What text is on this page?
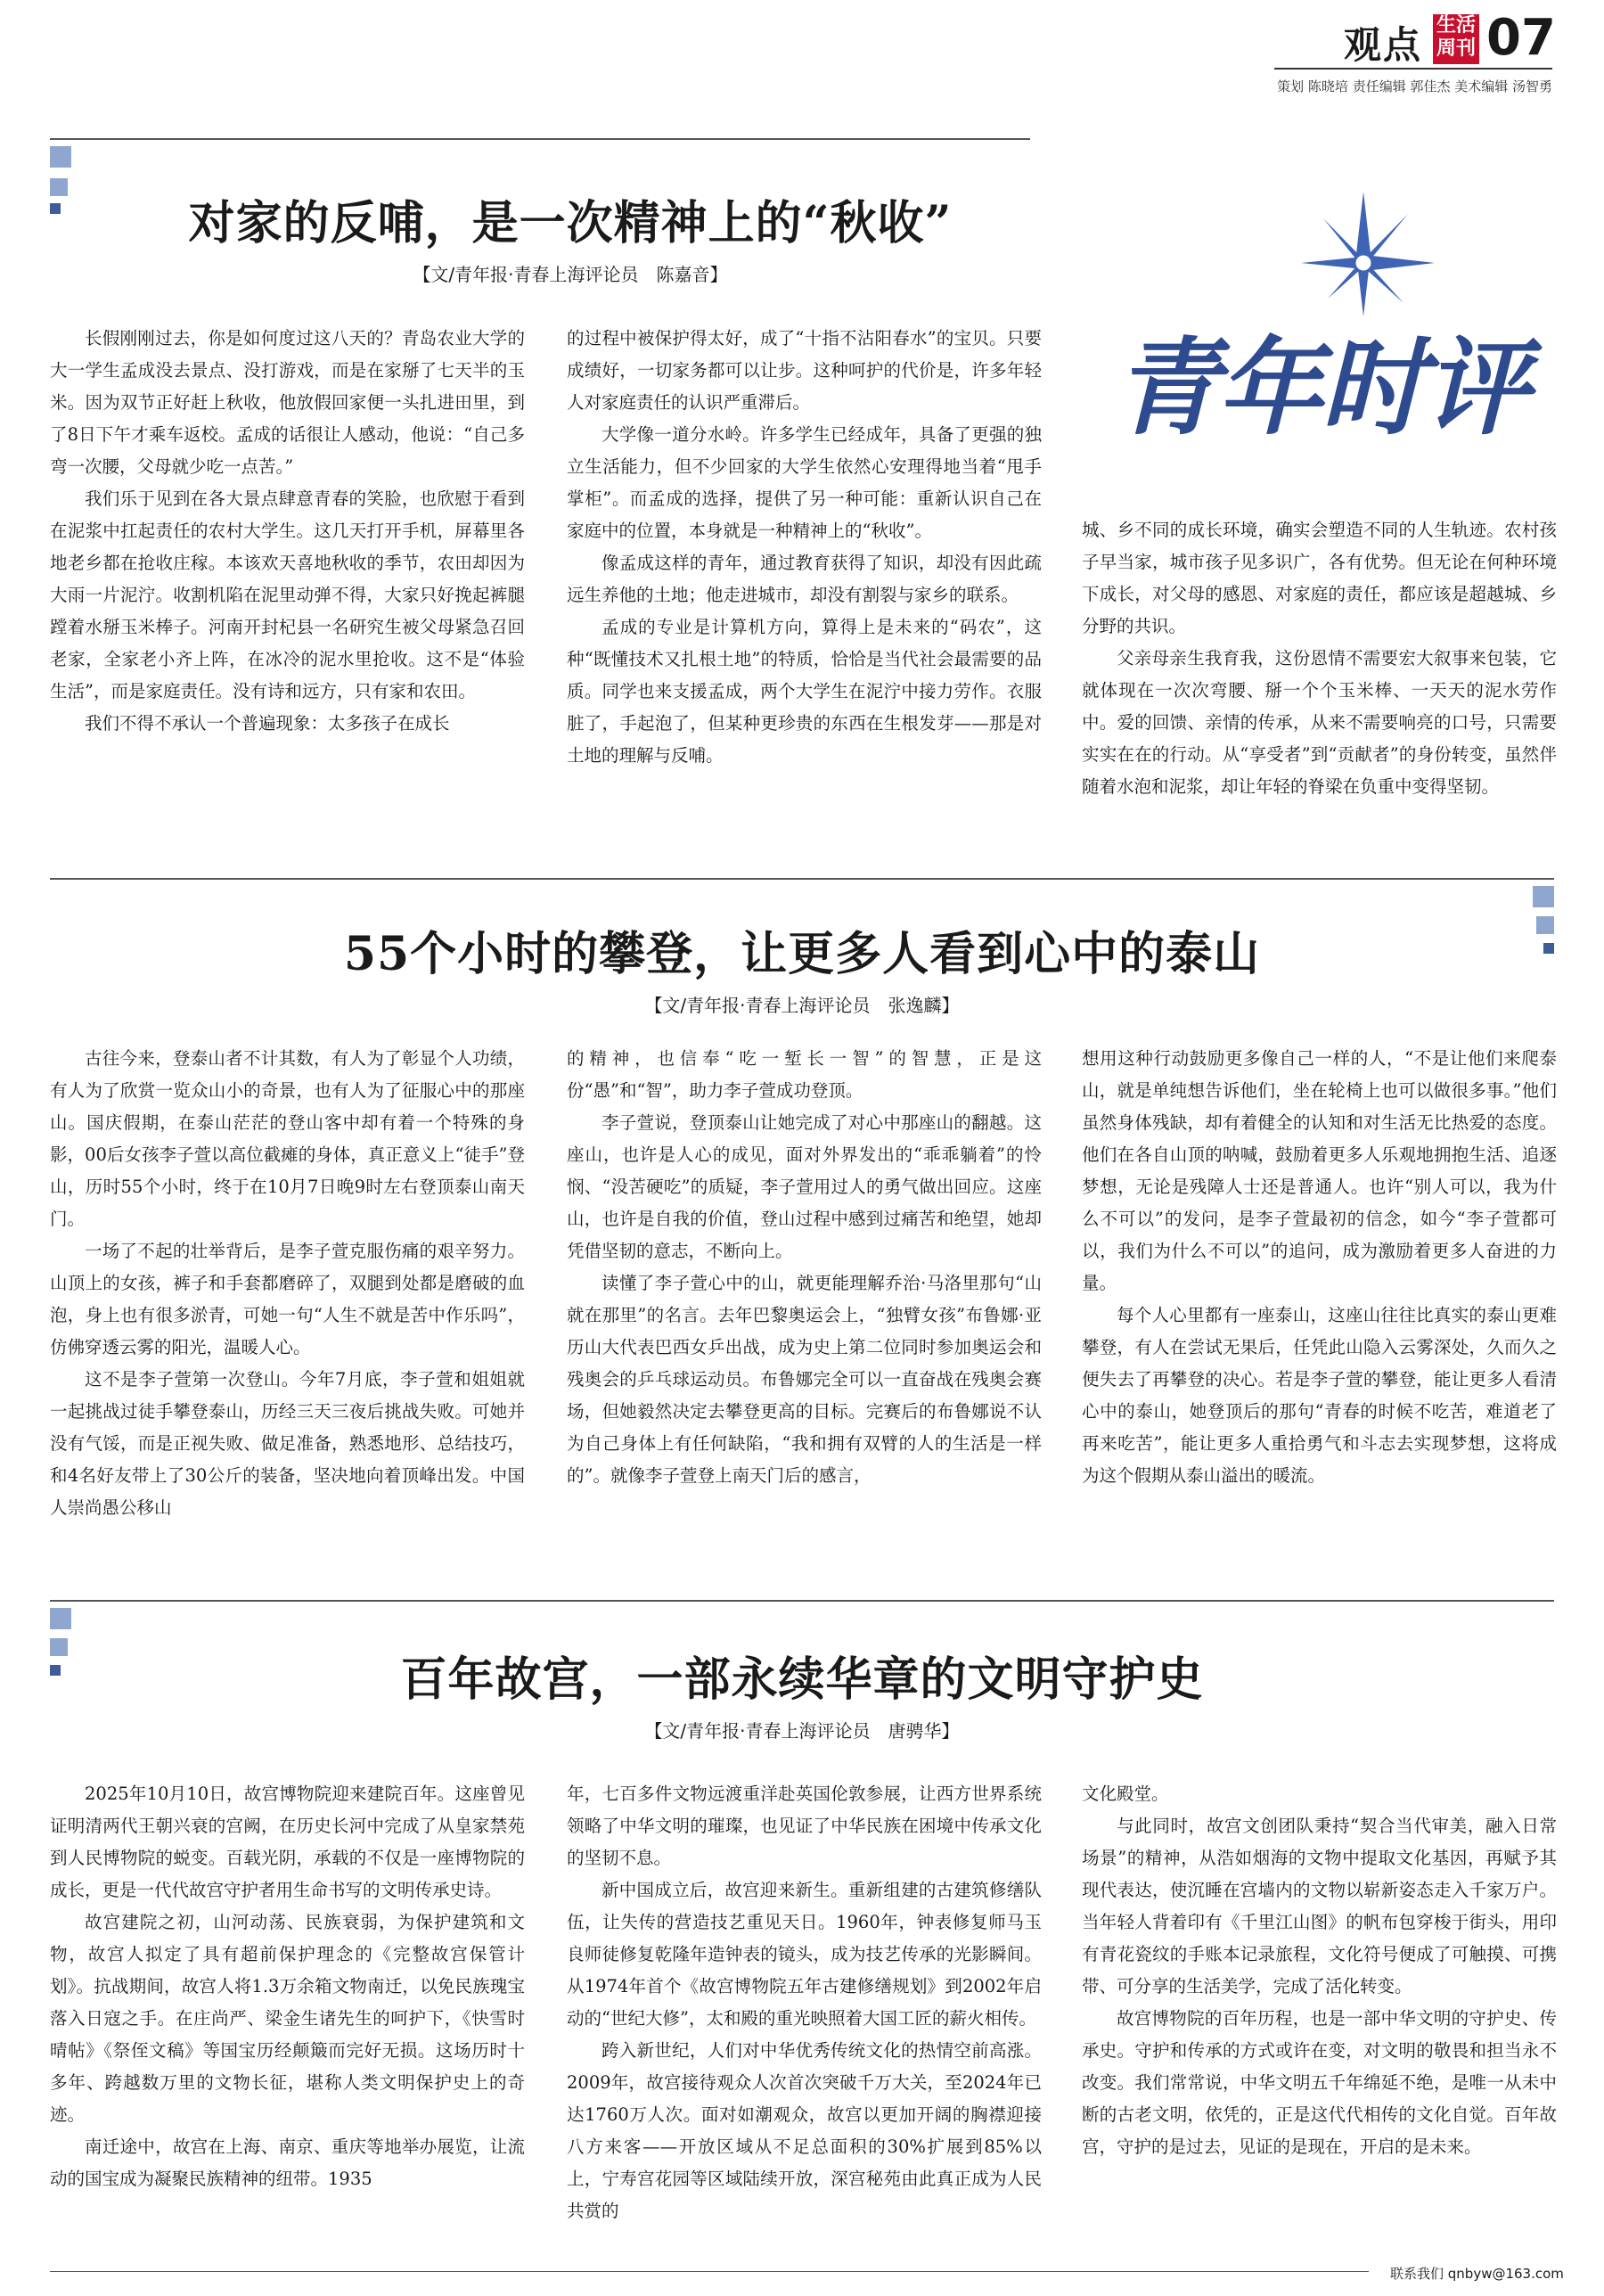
观点 生活
周刊 07
策划 陈晓培 责任编辑 郭佳杰 美术编辑 汤智勇
青年时评
对家的反哺，是一次精神上的“秋收”
【文/青年报·青春上海评论员　陈嘉音】

长假刚刚过去，你是如何度过这八天的？青岛农业大学的大一学生孟成没去景点、没打游戏，而是在家掰了七天半的玉米。因为双节正好赶上秋收，他放假回家便一头扎进田里，到了8日下午才乘车返校。孟成的话很让人感动，他说：“自己多弯一次腰，父母就少吃一点苦。”

我们乐于见到在各大景点肆意青春的笑脸，也欣慰于看到在泥浆中扛起责任的农村大学生。这几天打开手机，屏幕里各地老乡都在抢收庄稼。本该欢天喜地秋收的季节，农田却因为大雨一片泥泞。收割机陷在泥里动弹不得，大家只好挽起裤腿蹚着水掰玉米棒子。河南开封杞县一名研究生被父母紧急召回老家，全家老小齐上阵，在冰冷的泥水里抢收。这不是“体验生活”，而是家庭责任。没有诗和远方，只有家和农田。

我们不得不承认一个普遍现象：太多孩子在成长

的过程中被保护得太好，成了“十指不沾阳春水”的宝贝。只要成绩好，一切家务都可以让步。这种呵护的代价是，许多年轻人对家庭责任的认识严重滞后。

大学像一道分水岭。许多学生已经成年，具备了更强的独立生活能力，但不少回家的大学生依然心安理得地当着“甩手掌柜”。而孟成的选择，提供了另一种可能：重新认识自己在家庭中的位置，本身就是一种精神上的“秋收”。

像孟成这样的青年，通过教育获得了知识，却没有因此疏远生养他的土地；他走进城市，却没有割裂与家乡的联系。

孟成的专业是计算机方向，算得上是未来的“码农”，这种“既懂技术又扎根土地”的特质，恰恰是当代社会最需要的品质。同学也来支援孟成，两个大学生在泥泞中接力劳作。衣服脏了，手起泡了，但某种更珍贵的东西在生根发芽——那是对土地的理解与反哺。

城、乡不同的成长环境，确实会塑造不同的人生轨迹。农村孩子早当家，城市孩子见多识广，各有优势。但无论在何种环境下成长，对父母的感恩、对家庭的责任，都应该是超越城、乡分野的共识。

父亲母亲生我育我，这份恩情不需要宏大叙事来包装，它就体现在一次次弯腰、掰一个个玉米棒、一天天的泥水劳作中。爱的回馈、亲情的传承，从来不需要响亮的口号，只需要实实在在的行动。从“享受者”到“贡献者”的身份转变，虽然伴随着水泡和泥浆，却让年轻的脊梁在负重中变得坚韧。

55个小时的攀登，让更多人看到心中的泰山
【文/青年报·青春上海评论员　张逸麟】

古往今来，登泰山者不计其数，有人为了彰显个人功绩，有人为了欣赏一览众山小的奇景，也有人为了征服心中的那座山。国庆假期，在泰山茫茫的登山客中却有着一个特殊的身影，00后女孩李子萱以高位截瘫的身体，真正意义上“徒手”登山，历时55个小时，终于在10月7日晚9时左右登顶泰山南天门。

一场了不起的壮举背后，是李子萱克服伤痛的艰辛努力。山顶上的女孩，裤子和手套都磨碎了，双腿到处都是磨破的血泡，身上也有很多淤青，可她一句“人生不就是苦中作乐吗”，仿佛穿透云雾的阳光，温暖人心。

这不是李子萱第一次登山。今年7月底，李子萱和姐姐就一起挑战过徒手攀登泰山，历经三天三夜后挑战失败。可她并没有气馁，而是正视失败、做足准备，熟悉地形、总结技巧，和4名好友带上了30公斤的装备，坚决地向着顶峰出发。中国人崇尚愚公移山

的精神，也信奉“吃一堑长一智”的智慧，正是这份“愚”和“智”，助力李子萱成功登顶。

李子萱说，登顶泰山让她完成了对心中那座山的翻越。这座山，也许是人心的成见，面对外界发出的“乖乖躺着”的怜悯、“没苦硬吃”的质疑，李子萱用过人的勇气做出回应。这座山，也许是自我的价值，登山过程中感到过痛苦和绝望，她却凭借坚韧的意志，不断向上。

读懂了李子萱心中的山，就更能理解乔治·马洛里那句“山就在那里”的名言。去年巴黎奥运会上，“独臂女孩”布鲁娜·亚历山大代表巴西女乒出战，成为史上第二位同时参加奥运会和残奥会的乒乓球运动员。布鲁娜完全可以一直奋战在残奥会赛场，但她毅然决定去攀登更高的目标。完赛后的布鲁娜说不认为自己身体上有任何缺陷，“我和拥有双臂的人的生活是一样的”。就像李子萱登上南天门后的感言，

想用这种行动鼓励更多像自己一样的人，“不是让他们来爬泰山，就是单纯想告诉他们，坐在轮椅上也可以做很多事。”他们虽然身体残缺，却有着健全的认知和对生活无比热爱的态度。他们在各自山顶的呐喊，鼓励着更多人乐观地拥抱生活、追逐梦想，无论是残障人士还是普通人。也许“别人可以，我为什么不可以”的发问，是李子萱最初的信念，如今“李子萱都可以，我们为什么不可以”的追问，成为激励着更多人奋进的力量。

每个人心里都有一座泰山，这座山往往比真实的泰山更难攀登，有人在尝试无果后，任凭此山隐入云雾深处，久而久之便失去了再攀登的决心。若是李子萱的攀登，能让更多人看清心中的泰山，她登顶后的那句“青春的时候不吃苦，难道老了再来吃苦”，能让更多人重拾勇气和斗志去实现梦想，这将成为这个假期从泰山溢出的暖流。

百年故宫，一部永续华章的文明守护史
【文/青年报·青春上海评论员　唐骋华】

2025年10月10日，故宫博物院迎来建院百年。这座曾见证明清两代王朝兴衰的宫阙，在历史长河中完成了从皇家禁苑到人民博物院的蜕变。百载光阴，承载的不仅是一座博物院的成长，更是一代代故宫守护者用生命书写的文明传承史诗。

故宫建院之初，山河动荡、民族衰弱，为保护建筑和文物，故宫人拟定了具有超前保护理念的《完整故宫保管计划》。抗战期间，故宫人将1.3万余箱文物南迁，以免民族瑰宝落入日寇之手。在庄尚严、梁金生诸先生的呵护下，《快雪时晴帖》《祭侄文稿》等国宝历经颠簸而完好无损。这场历时十多年、跨越数万里的文物长征，堪称人类文明保护史上的奇迹。

南迁途中，故宫在上海、南京、重庆等地举办展览，让流动的国宝成为凝聚民族精神的纽带。1935

年，七百多件文物远渡重洋赴英国伦敦参展，让西方世界系统领略了中华文明的璀璨，也见证了中华民族在困境中传承文化的坚韧不息。

新中国成立后，故宫迎来新生。重新组建的古建筑修缮队伍，让失传的营造技艺重见天日。1960年，钟表修复师马玉良师徒修复乾隆年造钟表的镜头，成为技艺传承的光影瞬间。从1974年首个《故宫博物院五年古建修缮规划》到2002年启动的“世纪大修”，太和殿的重光映照着大国工匠的薪火相传。

跨入新世纪，人们对中华优秀传统文化的热情空前高涨。2009年，故宫接待观众人次首次突破千万大关，至2024年已达1760万人次。面对如潮观众，故宫以更加开阔的胸襟迎接八方来客——开放区域从不足总面积的30%扩展到85%以上，宁寿宫花园等区域陆续开放，深宫秘苑由此真正成为人民共赏的

文化殿堂。

与此同时，故宫文创团队秉持“契合当代审美，融入日常场景”的精神，从浩如烟海的文物中提取文化基因，再赋予其现代表达，使沉睡在宫墙内的文物以崭新姿态走入千家万户。当年轻人背着印有《千里江山图》的帆布包穿梭于街头，用印有青花瓷纹的手账本记录旅程，文化符号便成了可触摸、可携带、可分享的生活美学，完成了活化转变。

故宫博物院的百年历程，也是一部中华文明的守护史、传承史。守护和传承的方式或许在变，对文明的敬畏和担当永不改变。我们常常说，中华文明五千年绵延不绝，是唯一从未中断的古老文明，依凭的，正是这代代相传的文化自觉。百年故宫，守护的是过去，见证的是现在，开启的是未来。

联系我们 qnbyw@163.com
